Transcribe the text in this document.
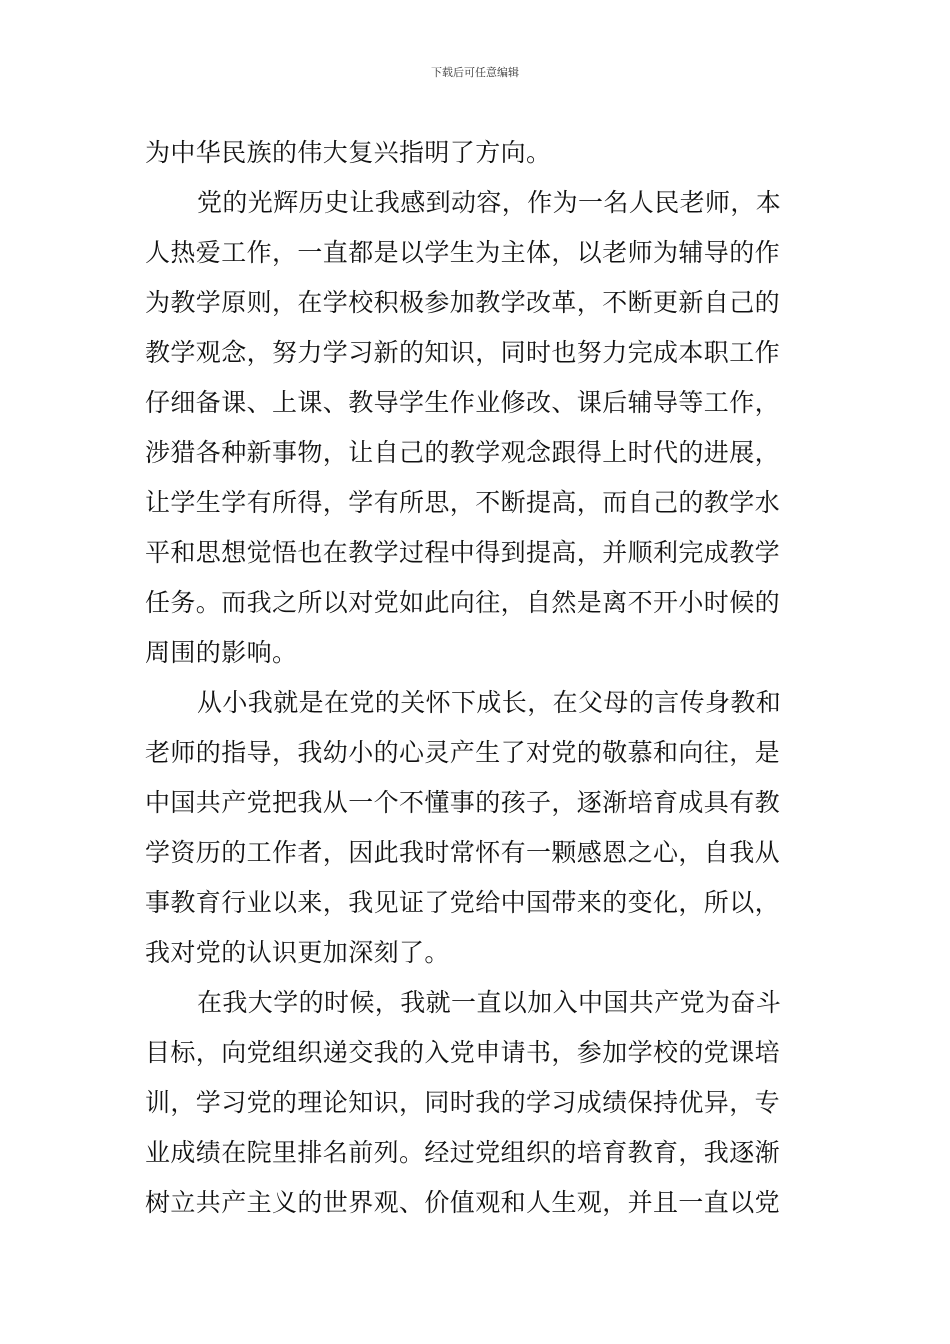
下载后可任意编辑
为中华民族的伟大复兴指明了方向。
党的光辉历史让我感到动容，作为一名人民老师，本
人热爱工作，一直都是以学生为主体，以老师为辅导的作
为教学原则，在学校积极参加教学改革，不断更新自己的
教学观念，努力学习新的知识，同时也努力完成本职工作
仔细备课、上课、教导学生作业修改、课后辅导等工作，
涉猎各种新事物，让自己的教学观念跟得上时代的进展，
让学生学有所得，学有所思，不断提高，而自己的教学水
平和思想觉悟也在教学过程中得到提高，并顺利完成教学
任务。而我之所以对党如此向往，自然是离不开小时候的
周围的影响。
从小我就是在党的关怀下成长，在父母的言传身教和
老师的指导，我幼小的心灵产生了对党的敬慕和向往，是
中国共产党把我从一个不懂事的孩子，逐渐培育成具有教
学资历的工作者，因此我时常怀有一颗感恩之心，自我从
事教育行业以来，我见证了党给中国带来的变化，所以，
我对党的认识更加深刻了。
在我大学的时候，我就一直以加入中国共产党为奋斗
目标，向党组织递交我的入党申请书，参加学校的党课培
训，学习党的理论知识，同时我的学习成绩保持优异，专
业成绩在院里排名前列。经过党组织的培育教育，我逐渐
树立共产主义的世界观、价值观和人生观，并且一直以党
